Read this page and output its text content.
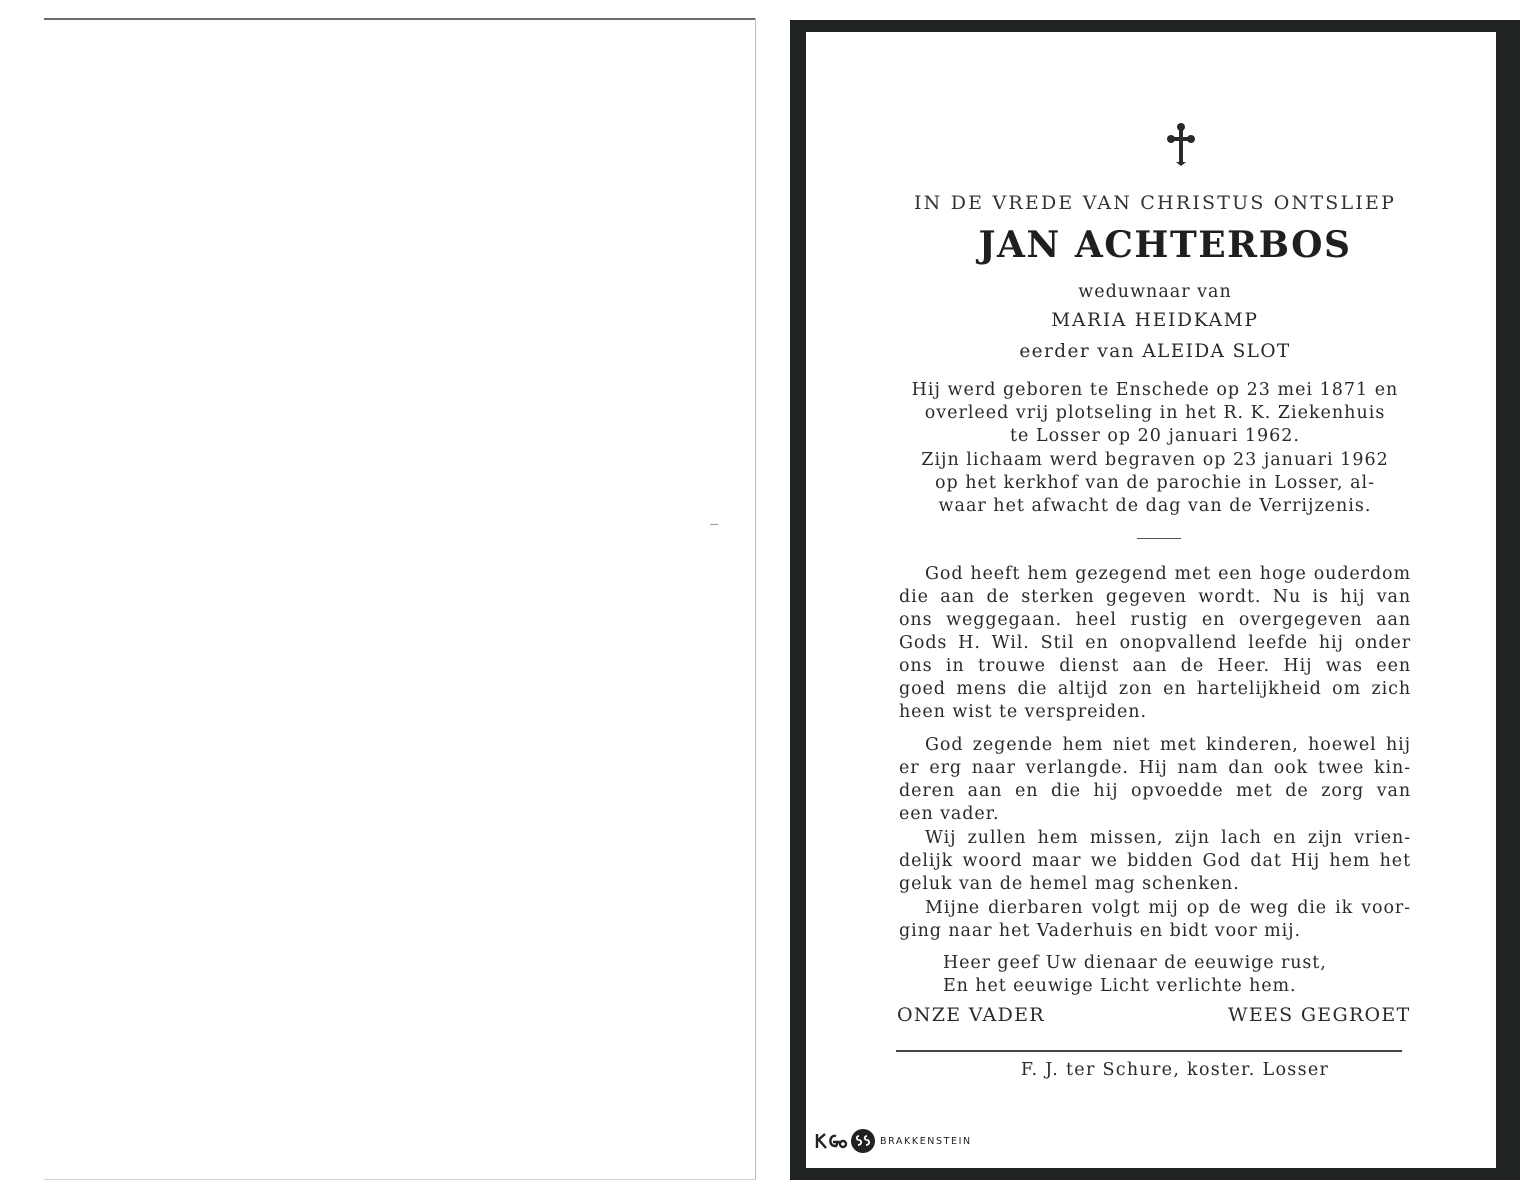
IN DE VREDE VAN CHRISTUS ONTSLIEP
JAN ACHTERBOS
weduwnaar van
MARIA HEIDKAMP
eerder van ALEIDA SLOT
Hij werd geboren te Enschede op 23 mei 1871 en
overleed vrij plotseling in het R. K. Ziekenhuis
te Losser op 20 januari 1962.
Zijn lichaam werd begraven op 23 januari 1962
op het kerkhof van de parochie in Losser, al-
waar het afwacht de dag van de Verrijzenis.
God heeft hem gezegend met een hoge ouderdom
die aan de sterken gegeven wordt. Nu is hij van
ons weggegaan. heel rustig en overgegeven aan
Gods H. Wil. Stil en onopvallend leefde hij onder
ons in trouwe dienst aan de Heer. Hij was een
goed mens die altijd zon en hartelijkheid om zich
heen wist te verspreiden.
God zegende hem niet met kinderen, hoewel hij
er erg naar verlangde. Hij nam dan ook twee kin-
deren aan en die hij opvoedde met de zorg van
een vader.
Wij zullen hem missen, zijn lach en zijn vrien-
delijk woord maar we bidden God dat Hij hem het
geluk van de hemel mag schenken.
Mijne dierbaren volgt mij op de weg die ik voor-
ging naar het Vaderhuis en bidt voor mij.
Heer geef Uw dienaar de eeuwige rust,
En het eeuwige Licht verlichte hem.
ONZE VADER	WEES GEGROET
F. J. ter Schure, koster. Losser
BRAKKENSTEIN
